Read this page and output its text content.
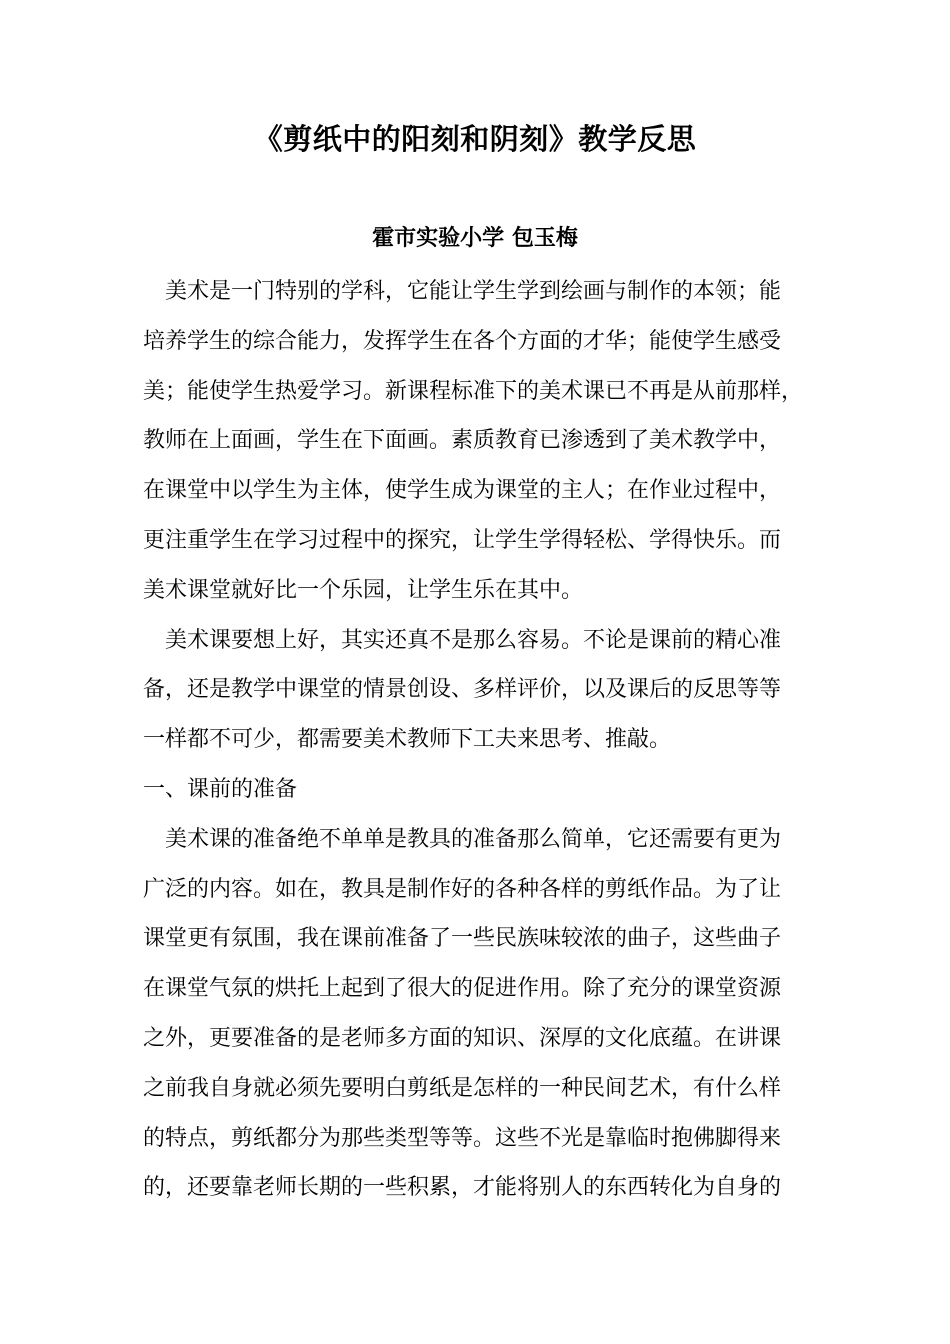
《剪纸中的阳刻和阴刻》教学反思
霍市实验小学 包玉梅
美术是一门特别的学科，它能让学生学到绘画与制作的本领；能
培养学生的综合能力，发挥学生在各个方面的才华；能使学生感受
美；能使学生热爱学习。新课程标准下的美术课已不再是从前那样，
教师在上面画，学生在下面画。素质教育已渗透到了美术教学中，
在课堂中以学生为主体，使学生成为课堂的主人；在作业过程中，
更注重学生在学习过程中的探究，让学生学得轻松、学得快乐。而
美术课堂就好比一个乐园，让学生乐在其中。
美术课要想上好，其实还真不是那么容易。不论是课前的精心准
备，还是教学中课堂的情景创设、多样评价，以及课后的反思等等
一样都不可少，都需要美术教师下工夫来思考、推敲。
一、课前的准备
美术课的准备绝不单单是教具的准备那么简单，它还需要有更为
广泛的内容。如在，教具是制作好的各种各样的剪纸作品。为了让
课堂更有氛围，我在课前准备了一些民族味较浓的曲子，这些曲子
在课堂气氛的烘托上起到了很大的促进作用。除了充分的课堂资源
之外，更要准备的是老师多方面的知识、深厚的文化底蕴。在讲课
之前我自身就必须先要明白剪纸是怎样的一种民间艺术，有什么样
的特点，剪纸都分为那些类型等等。这些不光是靠临时抱佛脚得来
的，还要靠老师长期的一些积累，才能将别人的东西转化为自身的
